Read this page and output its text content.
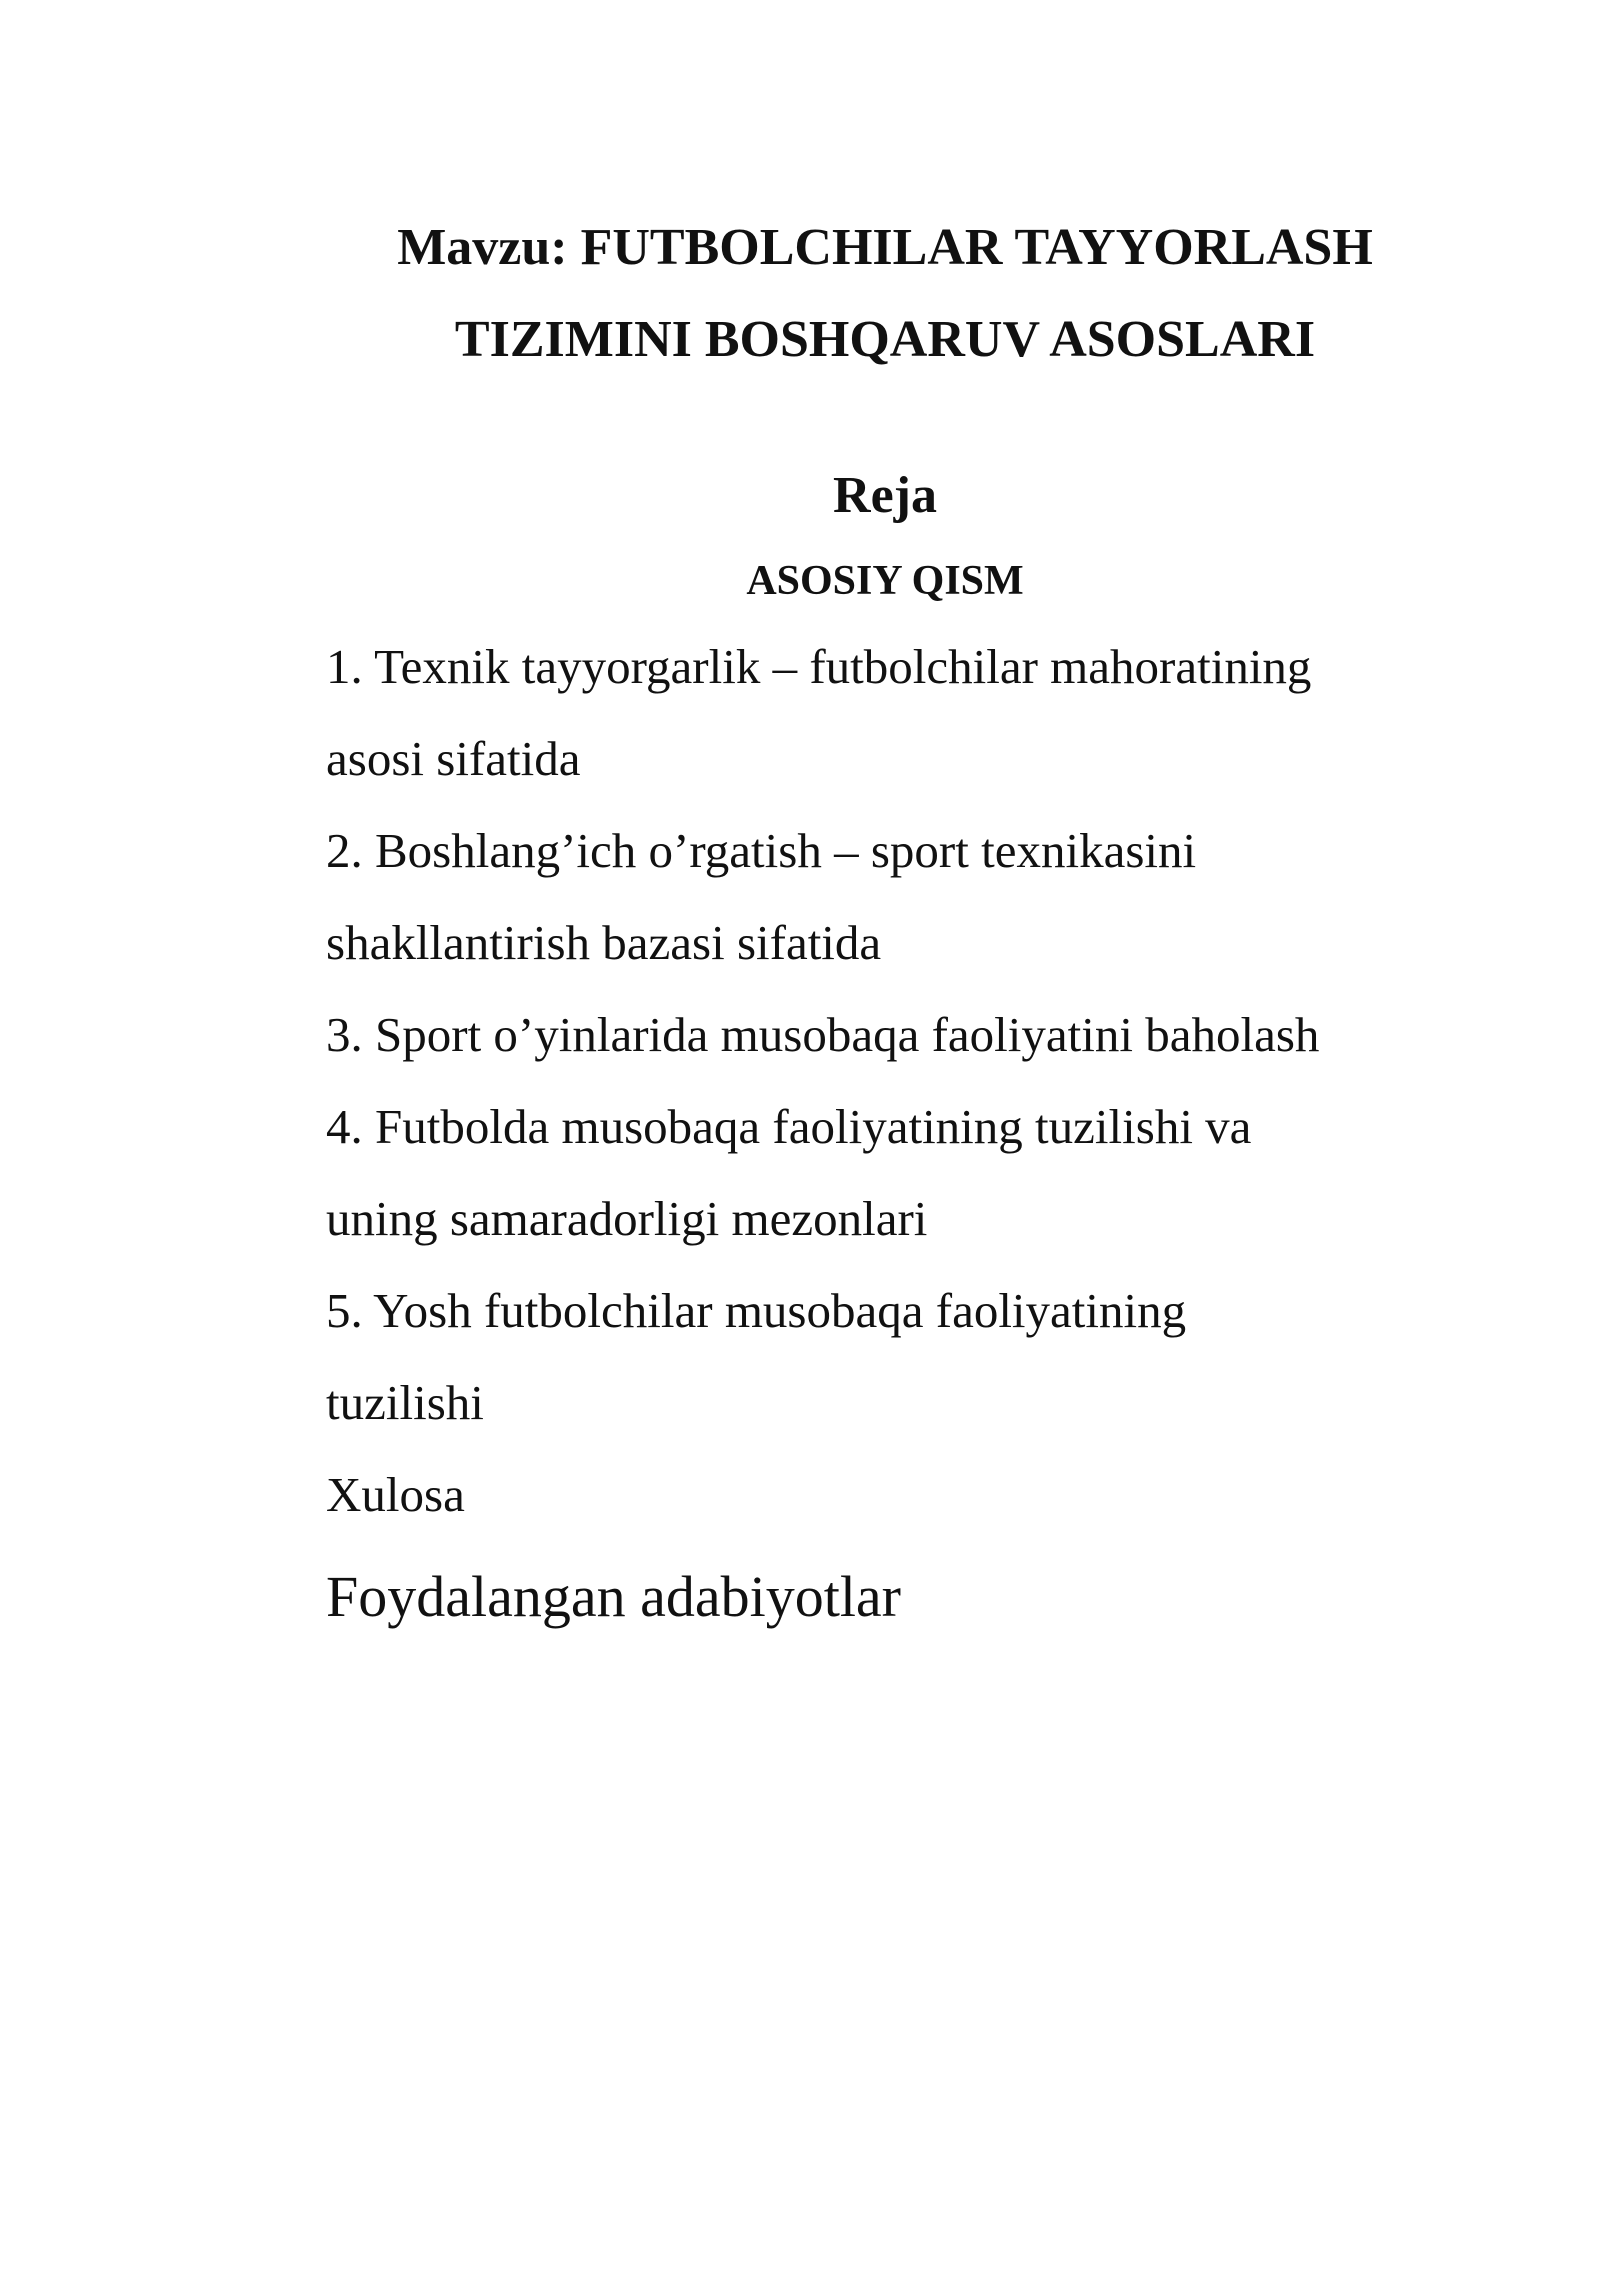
Mavzu: FUTBOLCHILAR TAYYORLASH
TIZIMINI BOSHQARUV ASOSLARI
Reja
ASOSIY QISM
1. Texnik tayyorgarlik – futbolchilar mahoratining
asosi sifatida
2. Boshlang’ich o’rgatish – sport texnikasini
shakllantirish bazasi sifatida
3. Sport o’yinlarida musobaqa faoliyatini baholash
4. Futbolda musobaqa faoliyatining tuzilishi va
uning samaradorligi mezonlari
5. Yosh futbolchilar musobaqa faoliyatining
tuzilishi
Xulosa
Foydalangan adabiyotlar
